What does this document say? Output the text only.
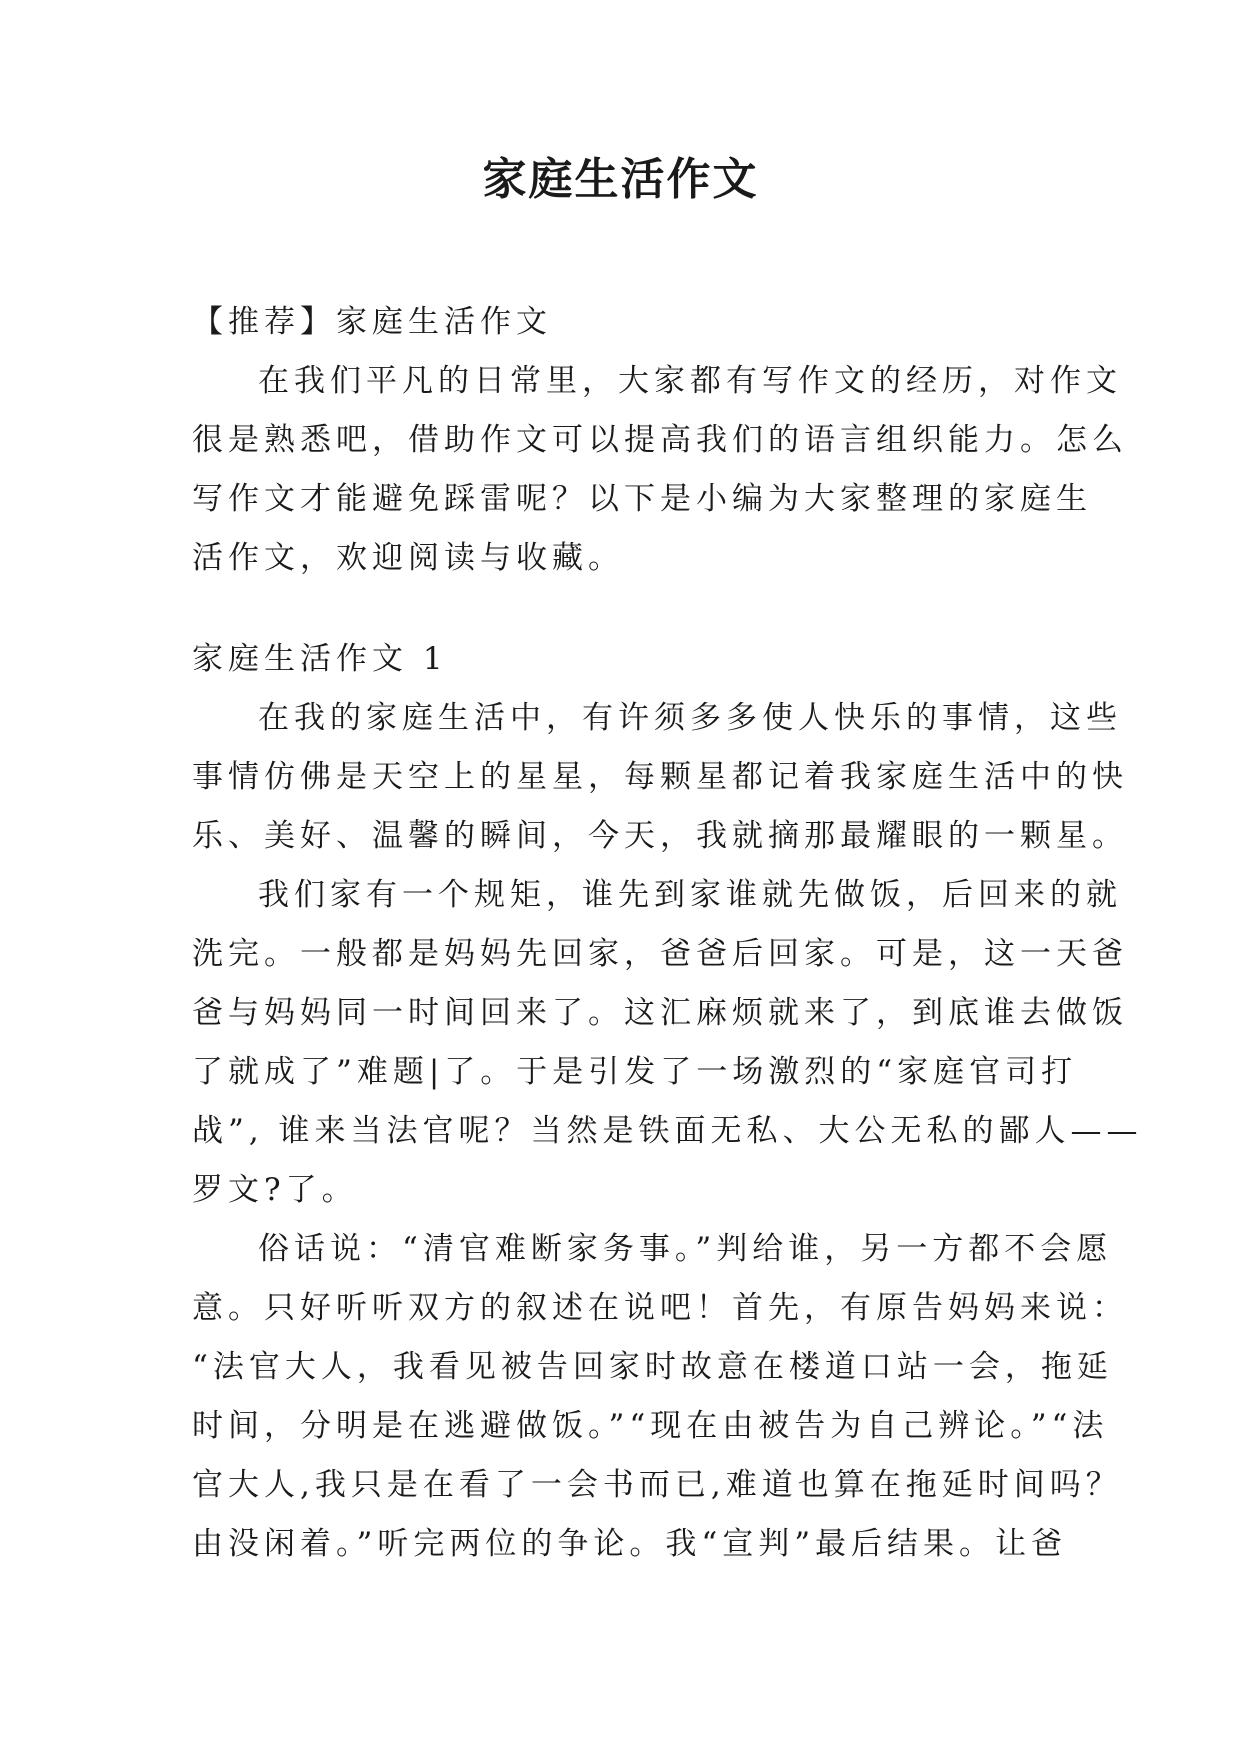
家庭生活作文
【推荐】家庭生活作文
在我们平凡的日常里，大家都有写作文的经历，对作文
很是熟悉吧，借助作文可以提高我们的语言组织能力。怎么
写作文才能避免踩雷呢？以下是小编为大家整理的家庭生
活作文，欢迎阅读与收藏。
家庭生活作文 1
在我的家庭生活中，有许须多多使人快乐的事情，这些
事情仿佛是天空上的星星，每颗星都记着我家庭生活中的快
乐、美好、温馨的瞬间，今天，我就摘那最耀眼的一颗星。
我们家有一个规矩，谁先到家谁就先做饭，后回来的就
洗完。一般都是妈妈先回家，爸爸后回家。可是，这一天爸
爸与妈妈同一时间回来了。这汇麻烦就来了，到底谁去做饭
了就成了”难题|了。于是引发了一场激烈的“家庭官司打
战”, 谁来当法官呢？当然是铁面无私、大公无私的鄙人——
罗文?了。
俗话说：“清官难断家务事。”判给谁，另一方都不会愿
意。只好听听双方的叙述在说吧！首先，有原告妈妈来说：
“法官大人，我看见被告回家时故意在楼道口站一会，拖延
时间，分明是在逃避做饭。”“现在由被告为自己辨论。”“法
官大人,我只是在看了一会书而已,难道也算在拖延时间吗？
由没闲着。”听完两位的争论。我“宣判”最后结果。让爸
